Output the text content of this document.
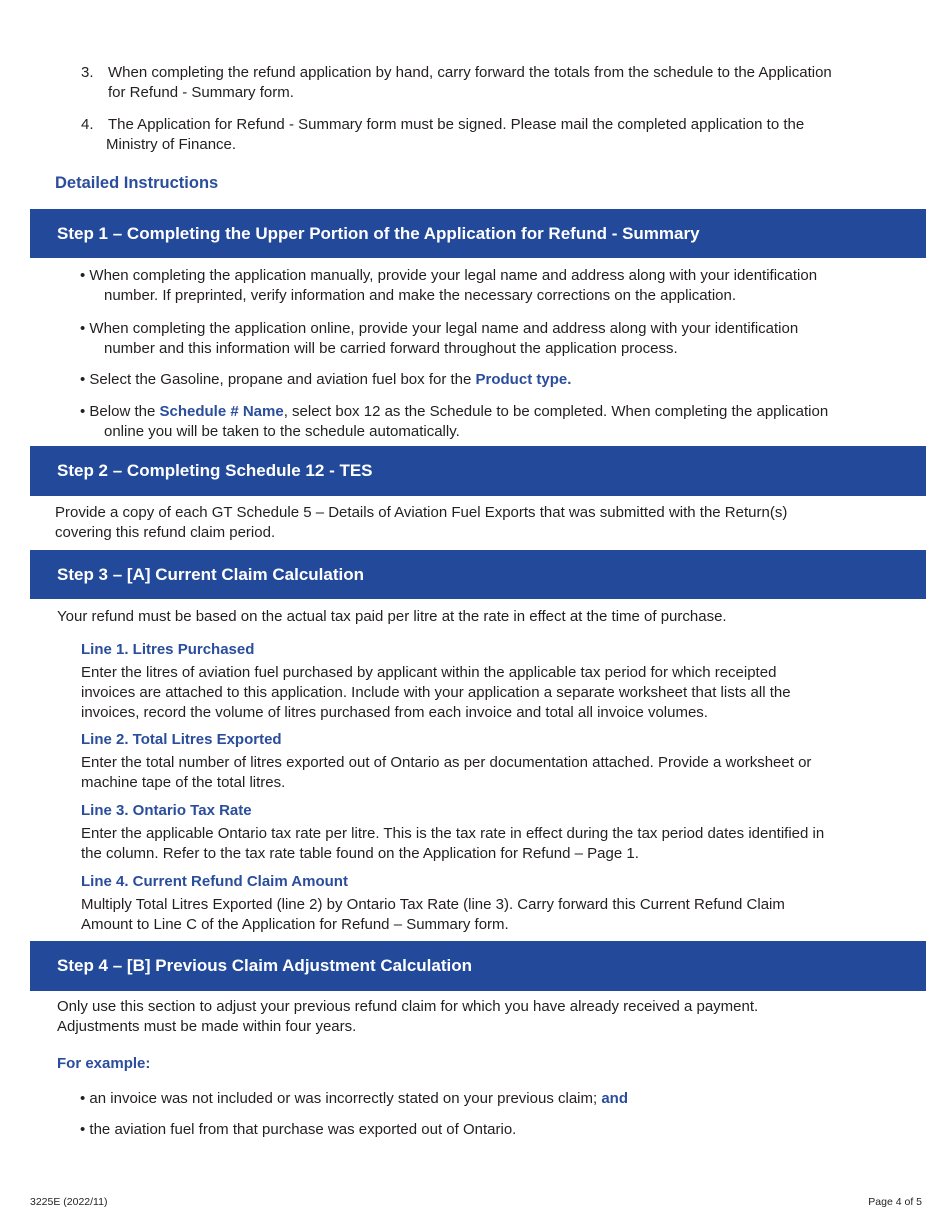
3. When completing the refund application by hand, carry forward the totals from the schedule to the Application
for Refund - Summary form.
4. The Application for Refund - Summary form must be signed. Please mail the completed application to the
Ministry of Finance.
Detailed Instructions
Step 1 – Completing the Upper Portion of the Application for Refund - Summary
• When completing the application manually, provide your legal name and address along with your identification
number. If preprinted, verify information and make the necessary corrections on the application.
• When completing the application online, provide your legal name and address along with your identification
number and this information will be carried forward throughout the application process.
• Select the Gasoline, propane and aviation fuel box for the Product type.
• Below the Schedule # Name, select box 12 as the Schedule to be completed. When completing the application
online you will be taken to the schedule automatically.
Step 2 – Completing Schedule 12 - TES
Provide a copy of each GT Schedule 5 – Details of Aviation Fuel Exports that was submitted with the Return(s)
covering this refund claim period.
Step 3 – [A] Current Claim Calculation
Your refund must be based on the actual tax paid per litre at the rate in effect at the time of purchase.
Line 1. Litres Purchased
Enter the litres of aviation fuel purchased by applicant within the applicable tax period for which receipted
invoices are attached to this application. Include with your application a separate worksheet that lists all the
invoices, record the volume of litres purchased from each invoice and total all invoice volumes.
Line 2. Total Litres Exported
Enter the total number of litres exported out of Ontario as per documentation attached. Provide a worksheet or
machine tape of the total litres.
Line 3. Ontario Tax Rate
Enter the applicable Ontario tax rate per litre. This is the tax rate in effect during the tax period dates identified in
the column. Refer to the tax rate table found on the Application for Refund – Page 1.
Line 4. Current Refund Claim Amount
Multiply Total Litres Exported (line 2) by Ontario Tax Rate (line 3). Carry forward this Current Refund Claim
Amount to Line C of the Application for Refund – Summary form.
Step 4 – [B] Previous Claim Adjustment Calculation
Only use this section to adjust your previous refund claim for which you have already received a payment.
Adjustments must be made within four years.
For example:
• an invoice was not included or was incorrectly stated on your previous claim; and
• the aviation fuel from that purchase was exported out of Ontario.
3225E (2022/11)	Page 4 of 5
